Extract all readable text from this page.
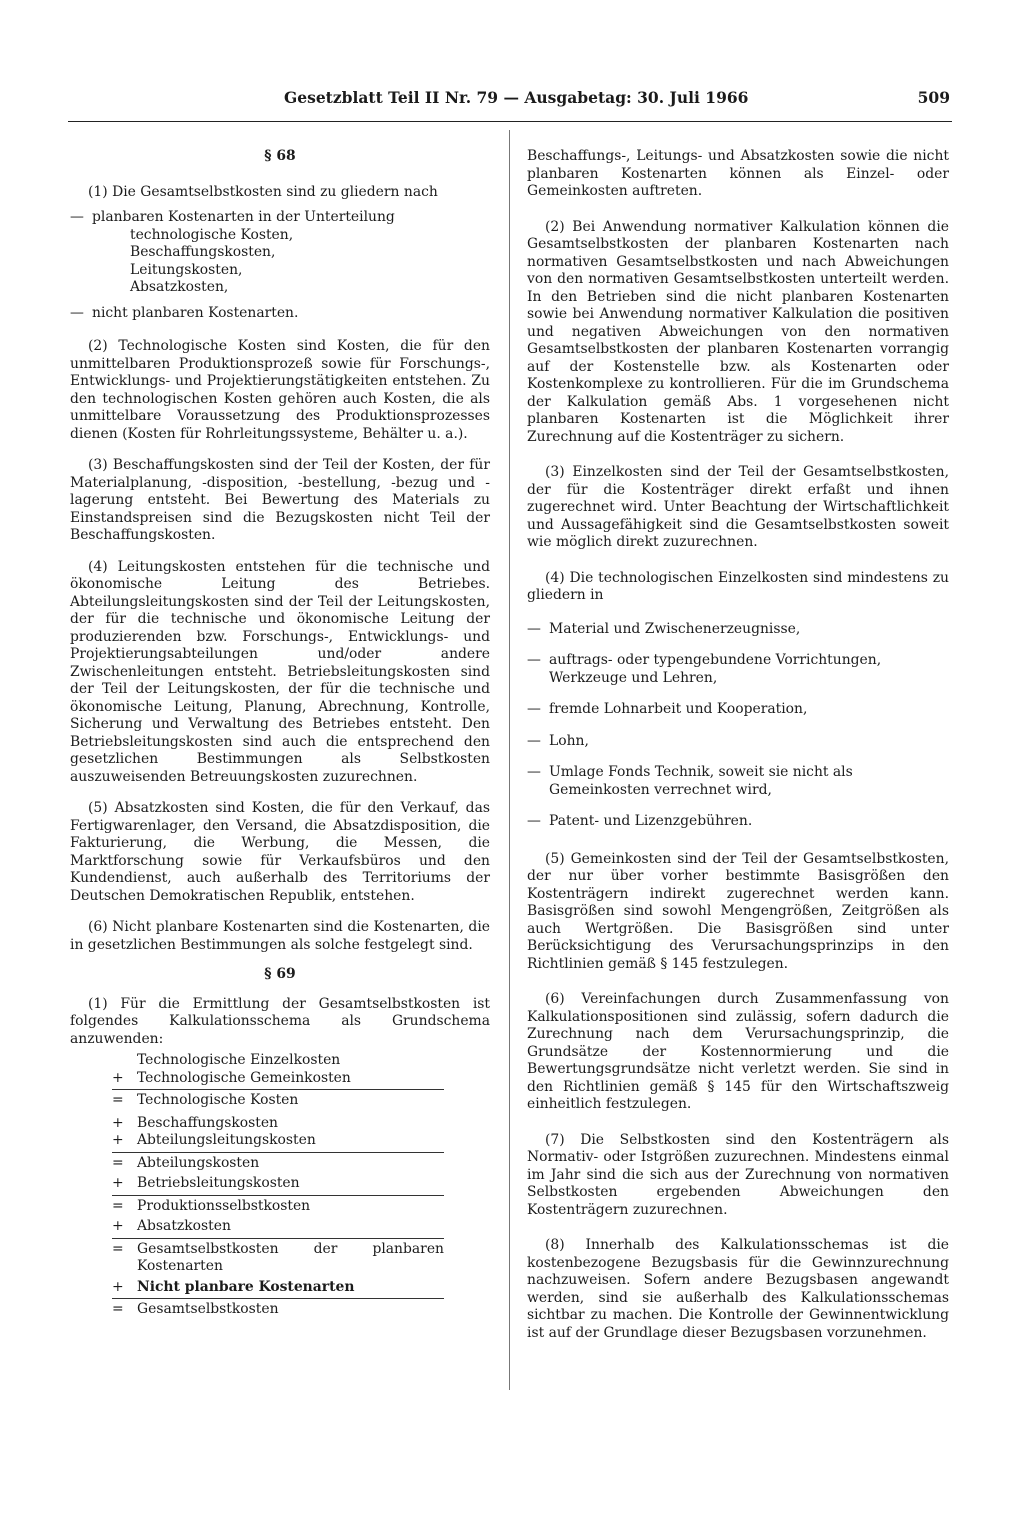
Gesetzblatt Teil II Nr. 79 — Ausgabetag: 30. Juli 1966	509

§ 68

(1) Die Gesamtselbstkosten sind zu gliedern nach

— planbaren Kostenarten in der Unterteilung
technologische Kosten,
Beschaffungskosten,
Leitungskosten,
Absatzkosten,
— nicht planbaren Kostenarten.

(2) Technologische Kosten sind Kosten, die für den unmittelbaren Produktionsprozeß sowie für Forschungs-, Entwicklungs- und Projektierungstätigkeiten entstehen. Zu den technologischen Kosten gehören auch Kosten, die als unmittelbare Voraussetzung des Produktionsprozesses dienen (Kosten für Rohrleitungssysteme, Behälter u. a.).

(3) Beschaffungskosten sind der Teil der Kosten, der für Materialplanung, -disposition, -bestellung, -bezug und -lagerung entsteht. Bei Bewertung des Materials zu Einstandspreisen sind die Bezugskosten nicht Teil der Beschaffungskosten.

(4) Leitungskosten entstehen für die technische und ökonomische Leitung des Betriebes. Abteilungsleitungskosten sind der Teil der Leitungskosten, der für die technische und ökonomische Leitung der produzierenden bzw. Forschungs-, Entwicklungs- und Projektierungsabteilungen und/oder andere Zwischenleitungen entsteht. Betriebsleitungskosten sind der Teil der Leitungskosten, der für die technische und ökonomische Leitung, Planung, Abrechnung, Kontrolle, Sicherung und Verwaltung des Betriebes entsteht. Den Betriebsleitungskosten sind auch die entsprechend den gesetzlichen Bestimmungen als Selbstkosten auszuweisenden Betreuungskosten zuzurechnen.

(5) Absatzkosten sind Kosten, die für den Verkauf, das Fertigwarenlager, den Versand, die Absatzdisposition, die Fakturierung, die Werbung, die Messen, die Marktforschung sowie für Verkaufsbüros und den Kundendienst, auch außerhalb des Territoriums der Deutschen Demokratischen Republik, entstehen.

(6) Nicht planbare Kostenarten sind die Kostenarten, die in gesetzlichen Bestimmungen als solche festgelegt sind.

§ 69

(1) Für die Ermittlung der Gesamtselbstkosten ist folgendes Kalkulationsschema als Grundschema anzuwenden:

Technologische Einzelkosten
+ Technologische Gemeinkosten
= Technologische Kosten
+ Beschaffungskosten
+ Abteilungsleitungskosten
= Abteilungskosten
+ Betriebsleitungskosten
= Produktionsselbstkosten
+ Absatzkosten
= Gesamtselbstkosten der planbaren Kostenarten
+ Nicht planbare Kostenarten
= Gesamtselbstkosten

Beschaffungs-, Leitungs- und Absatzkosten sowie die nicht planbaren Kostenarten können als Einzel- oder Gemeinkosten auftreten.

(2) Bei Anwendung normativer Kalkulation können die Gesamtselbstkosten der planbaren Kostenarten nach normativen Gesamtselbstkosten und nach Abweichungen von den normativen Gesamtselbstkosten unterteilt werden. In den Betrieben sind die nicht planbaren Kostenarten sowie bei Anwendung normativer Kalkulation die positiven und negativen Abweichungen von den normativen Gesamtselbstkosten der planbaren Kostenarten vorrangig auf der Kostenstelle bzw. als Kostenarten oder Kostenkomplexe zu kontrollieren. Für die im Grundschema der Kalkulation gemäß Abs. 1 vorgesehenen nicht planbaren Kostenarten ist die Möglichkeit ihrer Zurechnung auf die Kostenträger zu sichern.

(3) Einzelkosten sind der Teil der Gesamtselbstkosten, der für die Kostenträger direkt erfaßt und ihnen zugerechnet wird. Unter Beachtung der Wirtschaftlichkeit und Aussagefähigkeit sind die Gesamtselbstkosten soweit wie möglich direkt zuzurechnen.

(4) Die technologischen Einzelkosten sind mindestens zu gliedern in

— Material und Zwischenerzeugnisse,
— auftrags- oder typengebundene Vorrichtungen, Werkzeuge und Lehren,
— fremde Lohnarbeit und Kooperation,
— Lohn,
— Umlage Fonds Technik, soweit sie nicht als Gemeinkosten verrechnet wird,
— Patent- und Lizenzgebühren.

(5) Gemeinkosten sind der Teil der Gesamtselbstkosten, der nur über vorher bestimmte Basisgrößen den Kostenträgern indirekt zugerechnet werden kann. Basisgrößen sind sowohl Mengengrößen, Zeitgrößen als auch Wertgrößen. Die Basisgrößen sind unter Berücksichtigung des Verursachungsprinzips in den Richtlinien gemäß § 145 festzulegen.

(6) Vereinfachungen durch Zusammenfassung von Kalkulationspositionen sind zulässig, sofern dadurch die Zurechnung nach dem Verursachungsprinzip, die Grundsätze der Kostennormierung und die Bewertungsgrundsätze nicht verletzt werden. Sie sind in den Richtlinien gemäß § 145 für den Wirtschaftszweig einheitlich festzulegen.

(7) Die Selbstkosten sind den Kostenträgern als Normativ- oder Istgrößen zuzurechnen. Mindestens einmal im Jahr sind die sich aus der Zurechnung von normativen Selbstkosten ergebenden Abweichungen den Kostenträgern zuzurechnen.

(8) Innerhalb des Kalkulationsschemas ist die kostenbezogene Bezugsbasis für die Gewinnzurechnung nachzuweisen. Sofern andere Bezugsbasen angewandt werden, sind sie außerhalb des Kalkulationsschemas sichtbar zu machen. Die Kontrolle der Gewinnentwicklung ist auf der Grundlage dieser Bezugsbasen vorzunehmen.
